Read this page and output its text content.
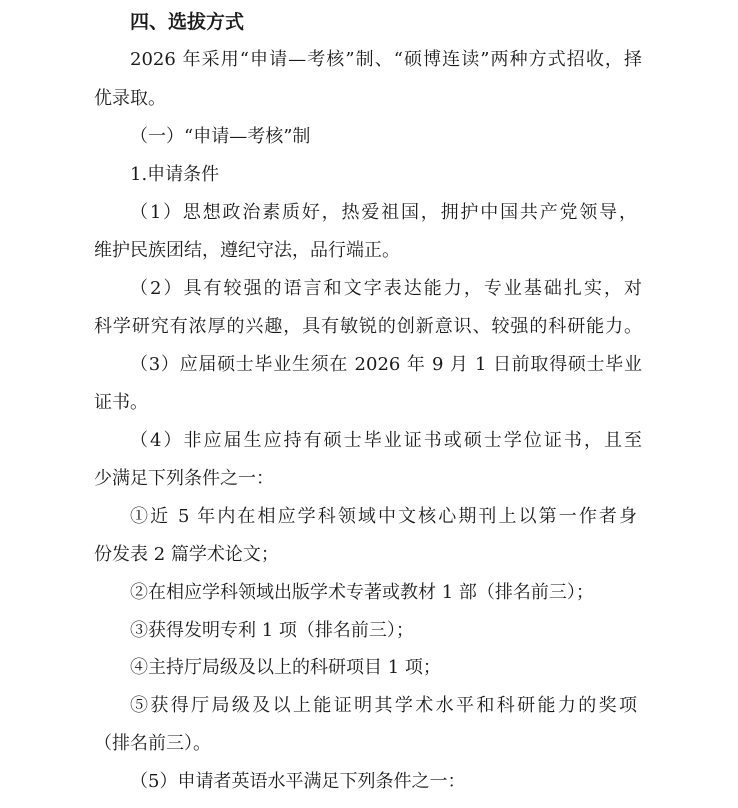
四、选拔方式
2026 年采用“申请—考核”制、“硕博连读”两种方式招收，择
优录取。
（一）“申请—考核”制
1.申请条件
（1）思想政治素质好，热爱祖国，拥护中国共产党领导，
维护民族团结，遵纪守法，品行端正。
（2）具有较强的语言和文字表达能力，专业基础扎实，对
科学研究有浓厚的兴趣，具有敏锐的创新意识、较强的科研能力。
（3）应届硕士毕业生须在 2026 年 9 月 1 日前取得硕士毕业
证书。
（4）非应届生应持有硕士毕业证书或硕士学位证书，且至
少满足下列条件之一：
①近 5 年内在相应学科领域中文核心期刊上以第一作者身
份发表 2 篇学术论文；
②在相应学科领域出版学术专著或教材 1 部（排名前三）；
③获得发明专利 1 项（排名前三）；
④主持厅局级及以上的科研项目 1 项；
⑤获得厅局级及以上能证明其学术水平和科研能力的奖项
（排名前三）。
（5）申请者英语水平满足下列条件之一：
